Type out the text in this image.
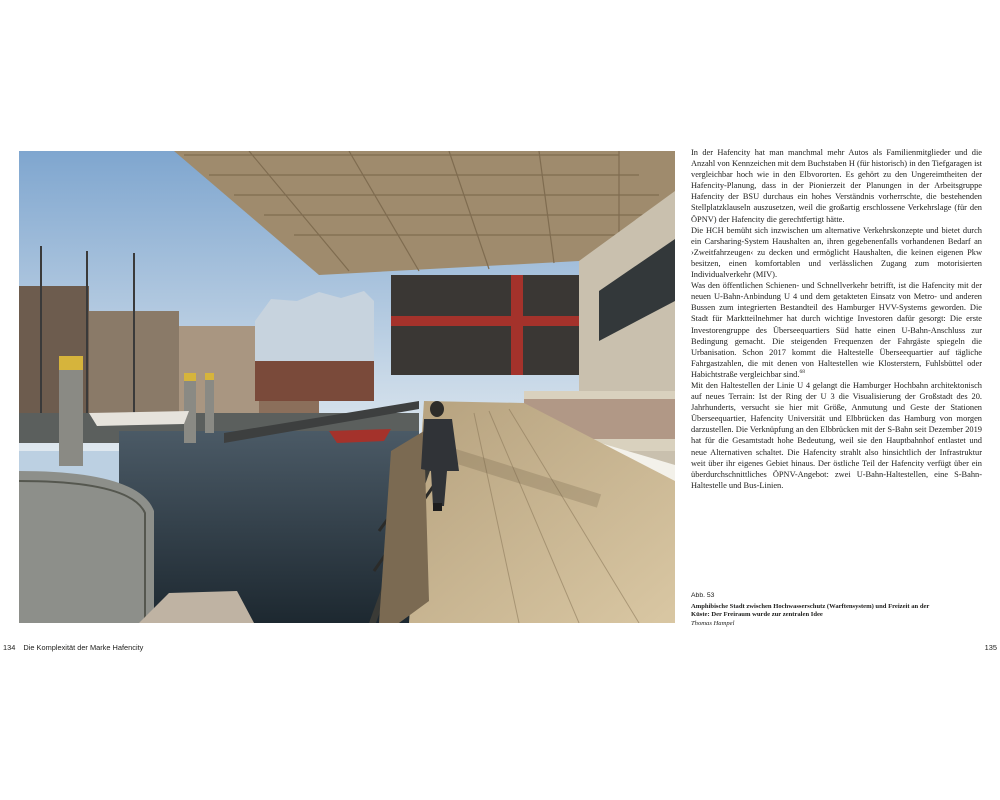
In der Hafencity hat man manchmal mehr Autos als Familienmitglieder und die Anzahl von Kennzeichen mit dem Buchstaben H (für historisch) in den Tiefgaragen ist vergleichbar hoch wie in den Elbvororten. Es gehört zu den Ungereimtheiten der Hafencity-Planung, dass in der Pionierzeit der Planungen in der Arbeitsgruppe Hafencity der BSU durchaus ein hohes Verständnis vorherrschte, die bestehenden Stellplatzklauseln auszusetzen, weil die großartig erschlossene Verkehrslage (für den ÖPNV) der Hafencity die gerechtfertigt hätte.

Die HCH bemüht sich inzwischen um alternative Verkehrskonzepte und bietet durch ein Carsharing-System Haushalten an, ihren gegebenenfalls vorhandenen Bedarf an ›Zweitfahrzeugen‹ zu decken und ermöglicht Haushalten, die keinen eigenen Pkw besitzen, einen komfortablen und verlässlichen Zugang zum motorisierten Individualverkehr (MIV).

Was den öffentlichen Schienen- und Schnellverkehr betrifft, ist die Hafencity mit der neuen U-Bahn-Anbindung U 4 und dem getakteten Einsatz von Metro- und anderen Bussen zum integrierten Bestandteil des Hamburger HVV-Systems geworden. Die Stadt für Marktteilnehmer hat durch wichtige Investoren dafür gesorgt: Die erste Investorengruppe des Überseequartiers Süd hatte einen U-Bahn-Anschluss zur Bedingung gemacht. Die steigenden Frequenzen der Fahrgäste spiegeln die Urbanisation. Schon 2017 kommt die Haltestelle Überseequartier auf tägliche Fahrgastzahlen, die mit denen von Haltestellen wie Klosterstern, Fuhlsbüttel oder Habichtstraße vergleichbar sind.$^{68}$

Mit den Haltestellen der Linie U 4 gelangt die Hamburger Hochbahn architektonisch auf neues Terrain: Ist der Ring der U 3 die Visualisierung der Großstadt des 20. Jahrhunderts, versucht sie hier mit Größe, Anmutung und Geste der Stationen Überseequartier, Hafencity Universität und Elbbrücken das Hamburg von morgen darzustellen. Die Verknüpfung an den Elbbrücken mit der S-Bahn seit Dezember 2019 hat für die Gesamtstadt hohe Bedeutung, weil sie den Hauptbahnhof entlastet und neue Alternativen schaltet. Die Hafencity strahlt also hinsichtlich der Infrastruktur weit über ihr eigenes Gebiet hinaus. Der östliche Teil der Hafencity verfügt über ein überdurchschnittliches ÖPNV-Angebot: zwei U-Bahn-Haltestellen, eine S-Bahn-Haltestelle und Bus-Linien.

Abb. 53
Amphibische Stadt zwischen Hochwasserschutz (Warftensystem) und Freizeit an der Küste: Der Freiraum wurde zur zentralen Idee
Thomas Hampel
134 Die Komplexität der Marke Hafencity	135
